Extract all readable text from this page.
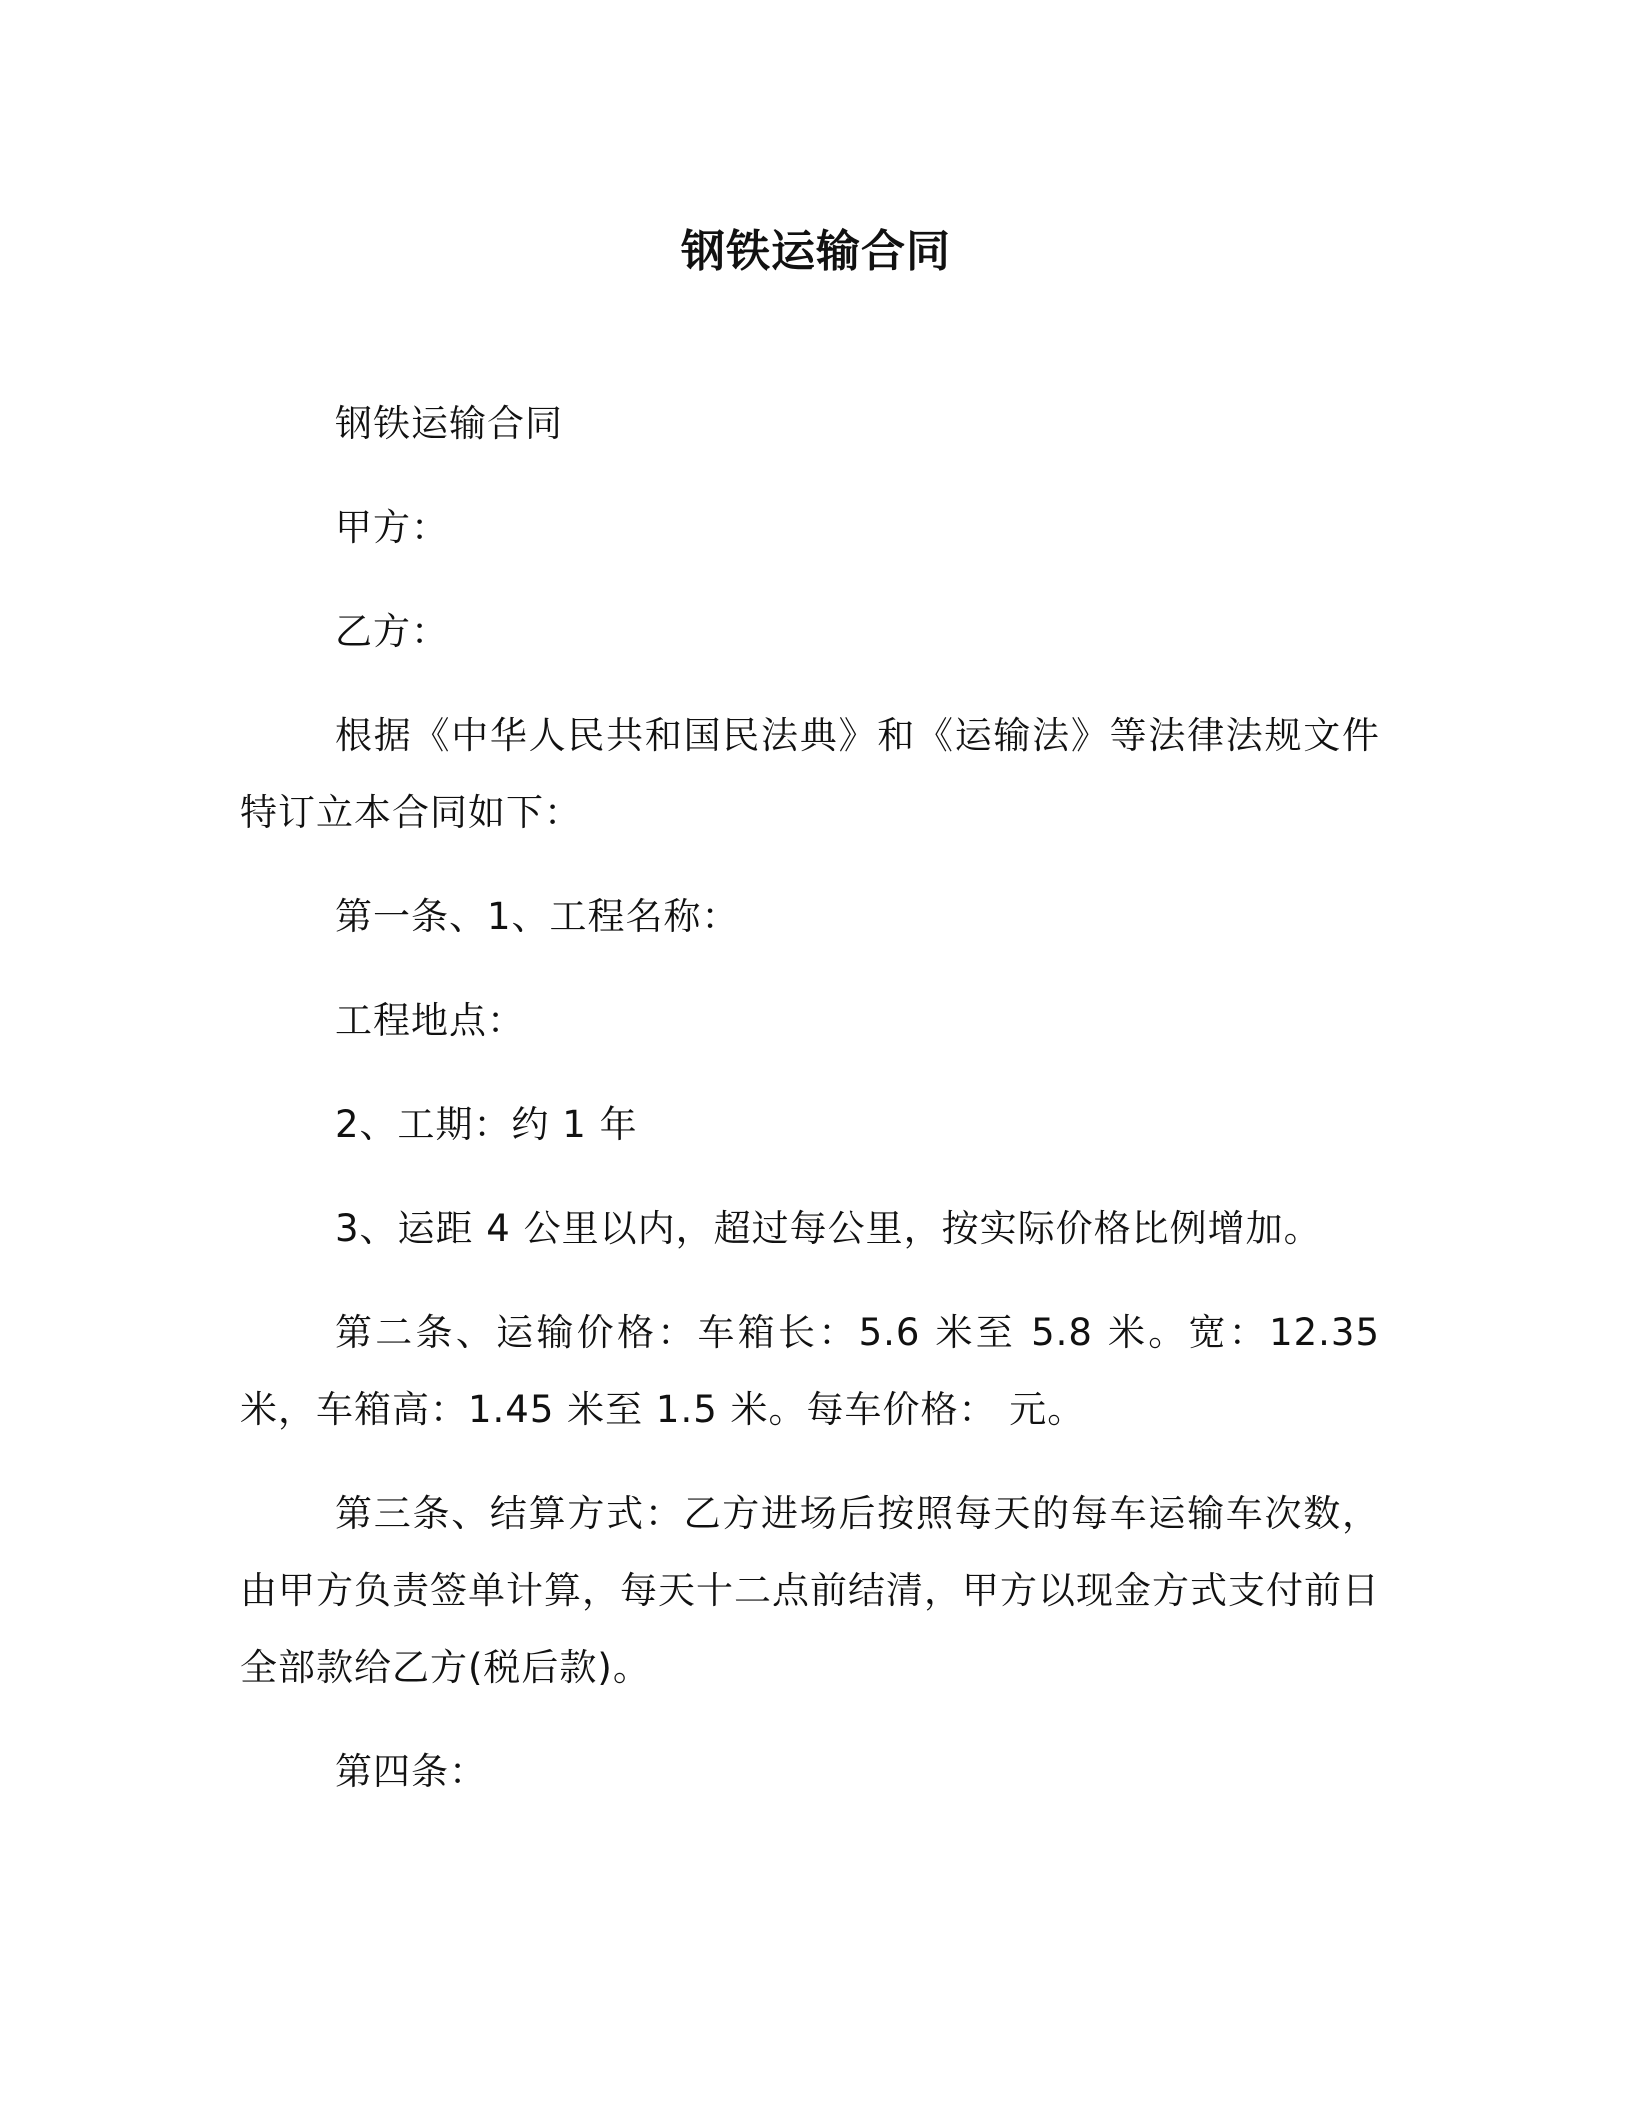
钢铁运输合同

钢铁运输合同

甲方：

乙方：

根据《中华人民共和国民法典》和《运输法》等法律法规文件特订立本合同如下：

第一条、1、工程名称：

工程地点：

2、工期：约 1 年

3、运距 4 公里以内，超过每公里，按实际价格比例增加。

第二条、运输价格：车箱长：5.6 米至 5.8 米。宽：12.35 米，车箱高：1.45 米至 1.5 米。每车价格： 元。

第三条、结算方式：乙方进场后按照每天的每车运输车次数，由甲方负责签单计算，每天十二点前结清，甲方以现金方式支付前日全部款给乙方(税后款)。

第四条：
